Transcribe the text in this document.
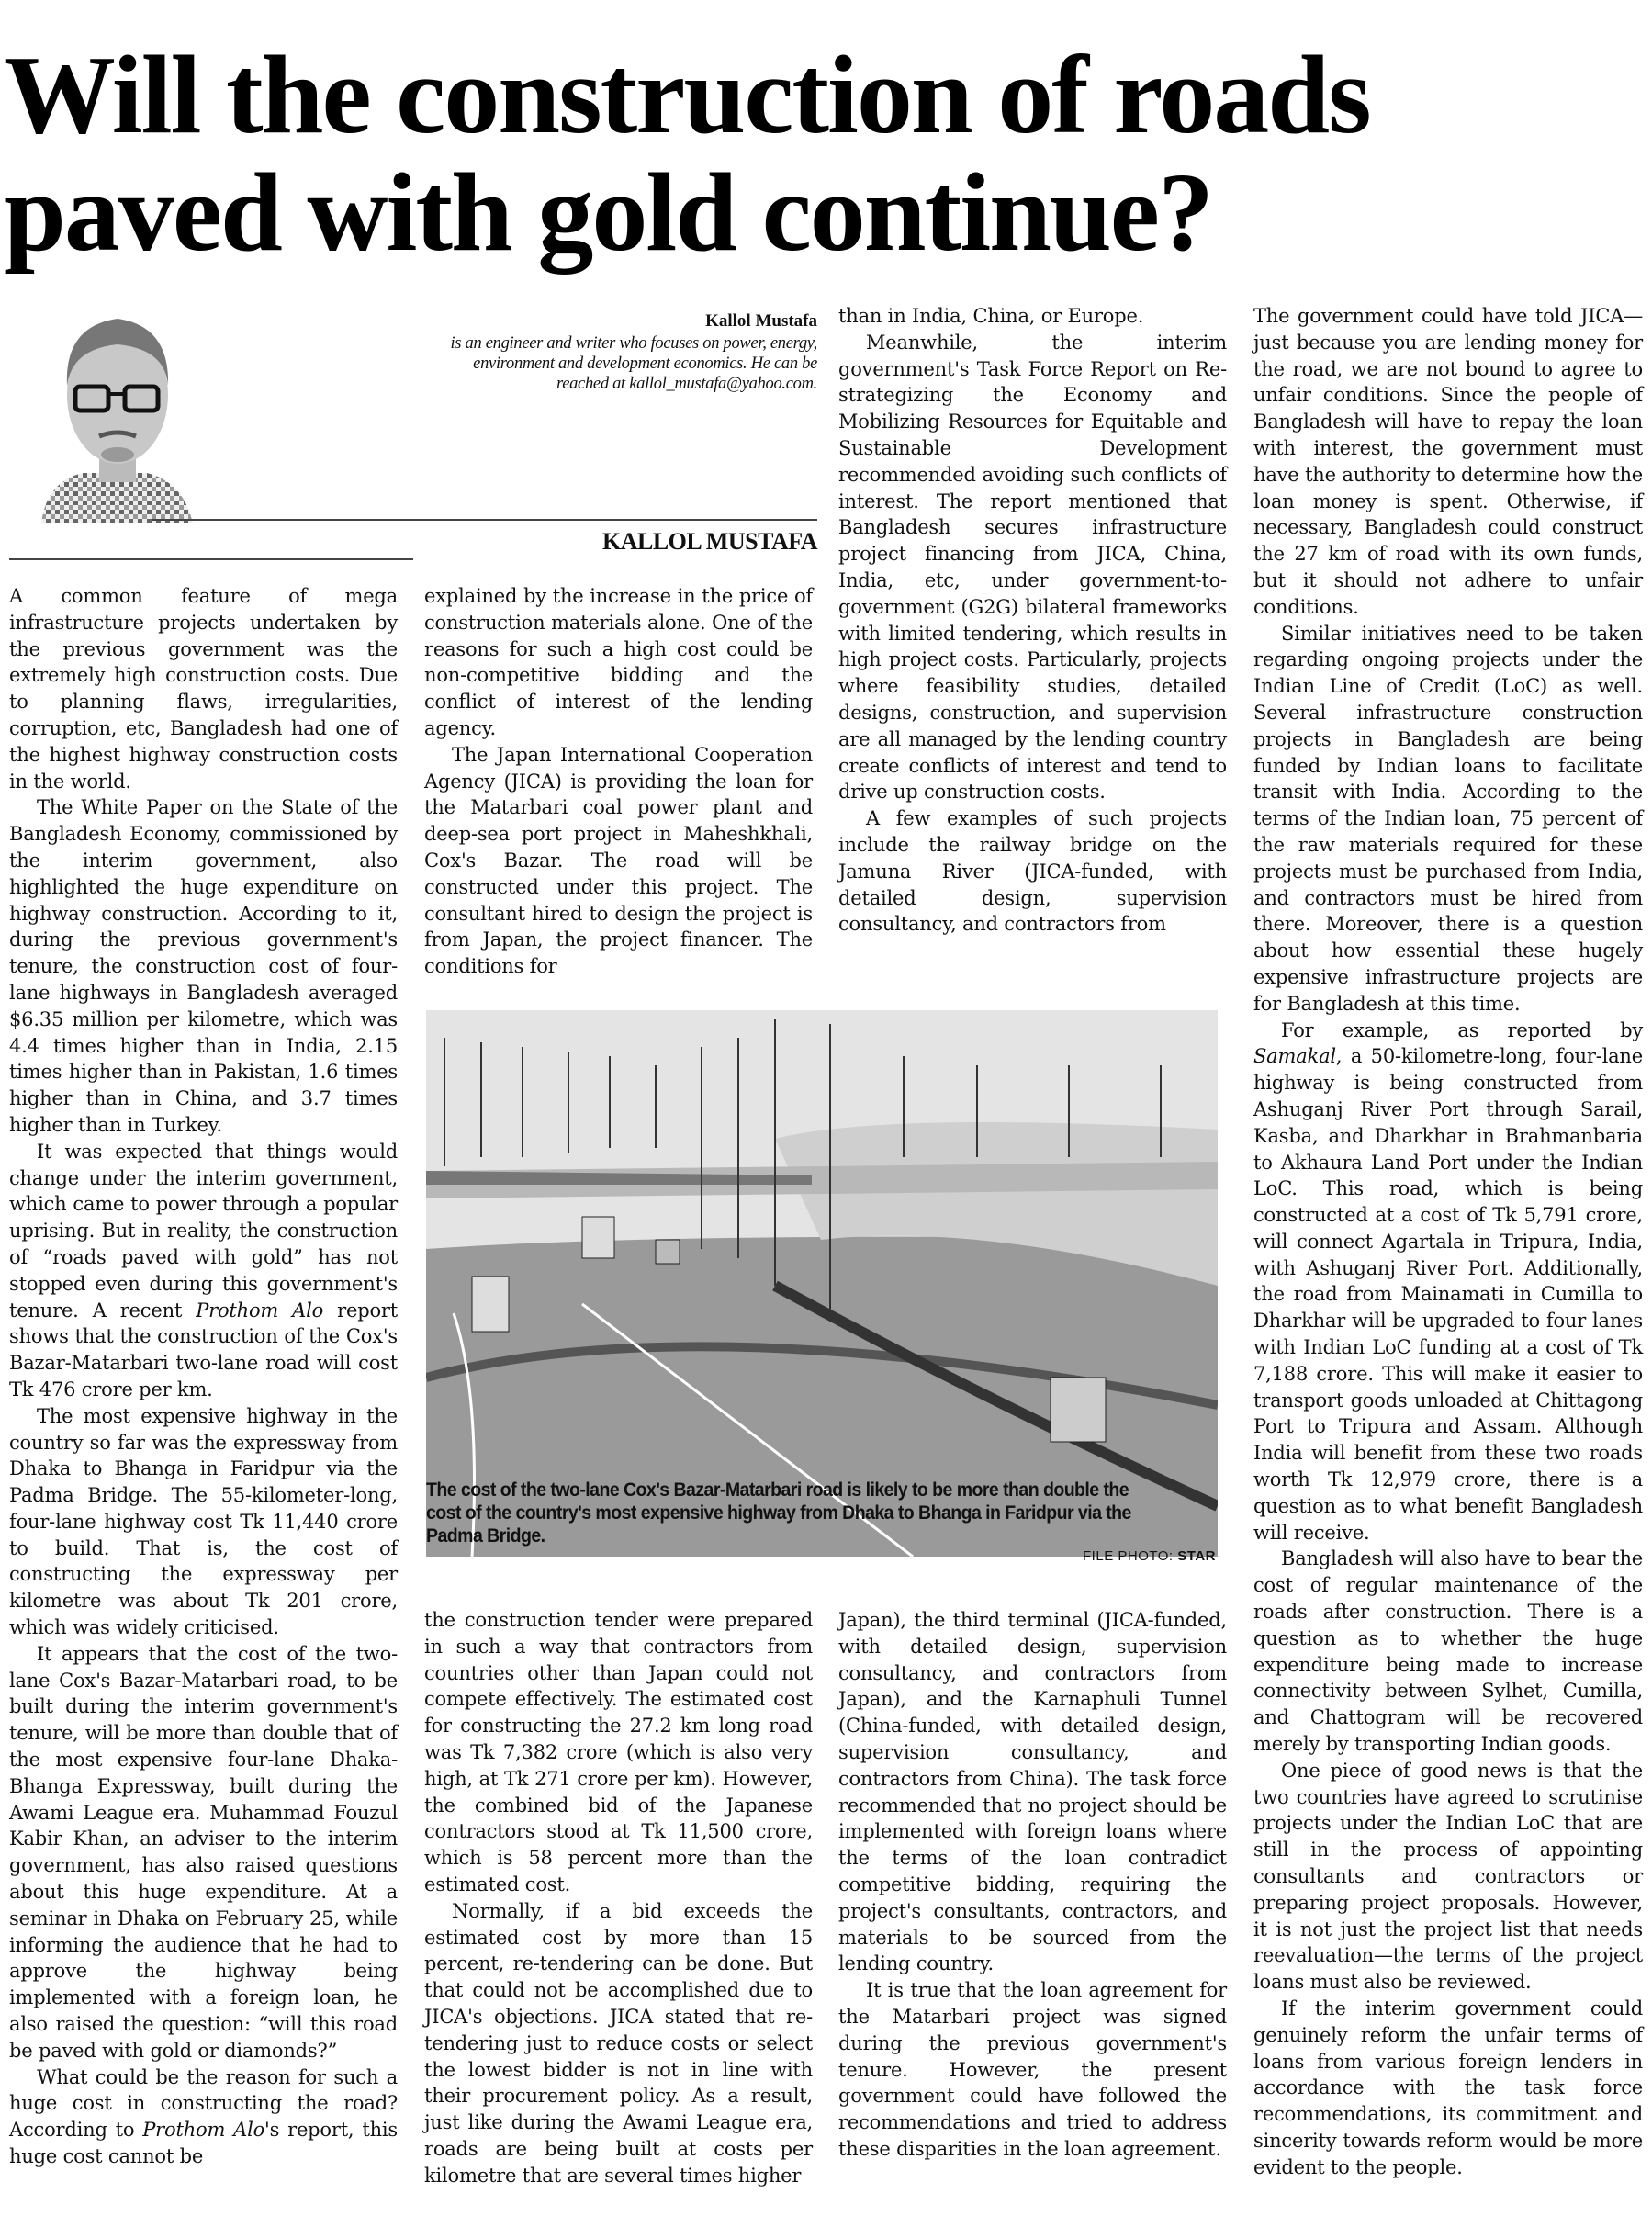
Will the construction of roads
paved with gold continue?
Kallol Mustafa
is an engineer and writer who focuses on power, energy, environment and development economics. He can be reached at kallol_mustafa@yahoo.com.
KALLOL MUSTAFA

A common feature of mega infrastructure projects undertaken by the previous government was the extremely high construction costs. Due to planning flaws, irregularities, corruption, etc, Bangladesh had one of the highest highway construction costs in the world.

The White Paper on the State of the Bangladesh Economy, commissioned by the interim government, also highlighted the huge expenditure on highway construction. According to it, during the previous government's tenure, the construction cost of four-lane highways in Bangladesh averaged $6.35 million per kilometre, which was 4.4 times higher than in India, 2.15 times higher than in Pakistan, 1.6 times higher than in China, and 3.7 times higher than in Turkey.

It was expected that things would change under the interim government, which came to power through a popular uprising. But in reality, the construction of “roads paved with gold” has not stopped even during this government's tenure. A recent Prothom Alo report shows that the construction of the Cox's Bazar-Matarbari two-lane road will cost Tk 476 crore per km.

The most expensive highway in the country so far was the expressway from Dhaka to Bhanga in Faridpur via the Padma Bridge. The 55-kilometer-long, four-lane highway cost Tk 11,440 crore to build. That is, the cost of constructing the expressway per kilometre was about Tk 201 crore, which was widely criticised.

It appears that the cost of the two-lane Cox's Bazar-Matarbari road, to be built during the interim government's tenure, will be more than double that of the most expensive four-lane Dhaka-Bhanga Expressway, built during the Awami League era. Muhammad Fouzul Kabir Khan, an adviser to the interim government, has also raised questions about this huge expenditure. At a seminar in Dhaka on February 25, while informing the audience that he had to approve the highway being implemented with a foreign loan, he also raised the question: “will this road be paved with gold or diamonds?”

What could be the reason for such a huge cost in constructing the road? According to Prothom Alo's report, this huge cost cannot be

explained by the increase in the price of construction materials alone. One of the reasons for such a high cost could be non-competitive bidding and the conflict of interest of the lending agency.

The Japan International Cooperation Agency (JICA) is providing the loan for the Matarbari coal power plant and deep-sea port project in Maheshkhali, Cox's Bazar. The road will be constructed under this project. The consultant hired to design the project is from Japan, the project financer. The conditions for

than in India, China, or Europe.

Meanwhile, the interim government's Task Force Report on Re-strategizing the Economy and Mobilizing Resources for Equitable and Sustainable Development recommended avoiding such conflicts of interest. The report mentioned that Bangladesh secures infrastructure project financing from JICA, China, India, etc, under government-to-government (G2G) bilateral frameworks with limited tendering, which results in high project costs. Particularly, projects where feasibility studies, detailed designs, construction, and supervision are all managed by the lending country create conflicts of interest and tend to drive up construction costs.

A few examples of such projects include the railway bridge on the Jamuna River (JICA-funded, with detailed design, supervision consultancy, and contractors from

The cost of the two-lane Cox's Bazar-Matarbari road is likely to be more than double the cost of the country's most expensive highway from Dhaka to Bhanga in Faridpur via the Padma Bridge.
FILE PHOTO: STAR

the construction tender were prepared in such a way that contractors from countries other than Japan could not compete effectively. The estimated cost for constructing the 27.2 km long road was Tk 7,382 crore (which is also very high, at Tk 271 crore per km). However, the combined bid of the Japanese contractors stood at Tk 11,500 crore, which is 58 percent more than the estimated cost.

Normally, if a bid exceeds the estimated cost by more than 15 percent, re-tendering can be done. But that could not be accomplished due to JICA's objections. JICA stated that re-tendering just to reduce costs or select the lowest bidder is not in line with their procurement policy. As a result, just like during the Awami League era, roads are being built at costs per kilometre that are several times higher

Japan), the third terminal (JICA-funded, with detailed design, supervision consultancy, and contractors from Japan), and the Karnaphuli Tunnel (China-funded, with detailed design, supervision consultancy, and contractors from China). The task force recommended that no project should be implemented with foreign loans where the terms of the loan contradict competitive bidding, requiring the project's consultants, contractors, and materials to be sourced from the lending country.

It is true that the loan agreement for the Matarbari project was signed during the previous government's tenure. However, the present government could have followed the recommendations and tried to address these disparities in the loan agreement.

The government could have told JICA—just because you are lending money for the road, we are not bound to agree to unfair conditions. Since the people of Bangladesh will have to repay the loan with interest, the government must have the authority to determine how the loan money is spent. Otherwise, if necessary, Bangladesh could construct the 27 km of road with its own funds, but it should not adhere to unfair conditions.

Similar initiatives need to be taken regarding ongoing projects under the Indian Line of Credit (LoC) as well. Several infrastructure construction projects in Bangladesh are being funded by Indian loans to facilitate transit with India. According to the terms of the Indian loan, 75 percent of the raw materials required for these projects must be purchased from India, and contractors must be hired from there. Moreover, there is a question about how essential these hugely expensive infrastructure projects are for Bangladesh at this time.

For example, as reported by Samakal, a 50-kilometre-long, four-lane highway is being constructed from Ashuganj River Port through Sarail, Kasba, and Dharkhar in Brahmanbaria to Akhaura Land Port under the Indian LoC. This road, which is being constructed at a cost of Tk 5,791 crore, will connect Agartala in Tripura, India, with Ashuganj River Port. Additionally, the road from Mainamati in Cumilla to Dharkhar will be upgraded to four lanes with Indian LoC funding at a cost of Tk 7,188 crore. This will make it easier to transport goods unloaded at Chittagong Port to Tripura and Assam. Although India will benefit from these two roads worth Tk 12,979 crore, there is a question as to what benefit Bangladesh will receive.

Bangladesh will also have to bear the cost of regular maintenance of the roads after construction. There is a question as to whether the huge expenditure being made to increase connectivity between Sylhet, Cumilla, and Chattogram will be recovered merely by transporting Indian goods.

One piece of good news is that the two countries have agreed to scrutinise projects under the Indian LoC that are still in the process of appointing consultants and contractors or preparing project proposals. However, it is not just the project list that needs reevaluation—the terms of the project loans must also be reviewed.

If the interim government could genuinely reform the unfair terms of loans from various foreign lenders in accordance with the task force recommendations, its commitment and sincerity towards reform would be more evident to the people.
